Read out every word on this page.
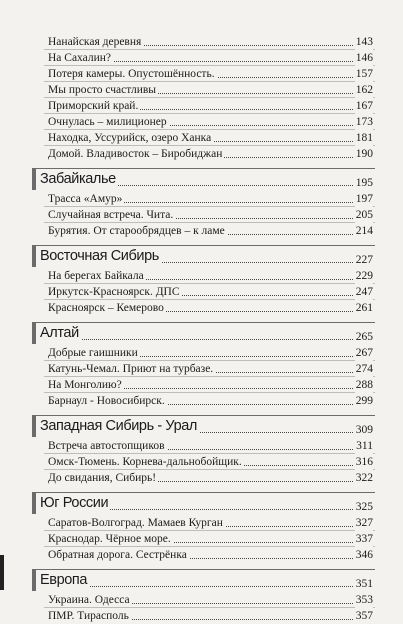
Нанайская деревня	143
На Сахалин?	146
Потеря камеры. Опустошённость.	157
Мы просто счастливы	162
Приморский край.	167
Очнулась – милиционер	173
Находка, Уссурийск, озеро Ханка	181
Домой. Владивосток – Биробиджан	190
Забайкалье	195
Трасса «Амур»	197
Случайная встреча. Чита.	205
Бурятия. От старообрядцев – к ламе	214
Восточная Сибирь	227
На берегах Байкала	229
Иркутск-Красноярск. ДПС	247
Красноярск – Кемерово	261
Алтай	265
Добрые гаишники	267
Катунь-Чемал. Приют на турбазе.	274
На Монголию?	288
Барнаул - Новосибирск.	299
Западная Сибирь - Урал	309
Встреча автостопщиков	311
Омск-Тюмень. Корнева-дальнобойщик.	316
До свидания, Сибирь!	322
Юг России	325
Саратов-Волгоград. Мамаев Курган	327
Краснодар. Чёрное море.	337
Обратная дорога. Сестрёнка	346
Европа	351
Украина. Одесса	353
ПМР. Тирасполь	357
